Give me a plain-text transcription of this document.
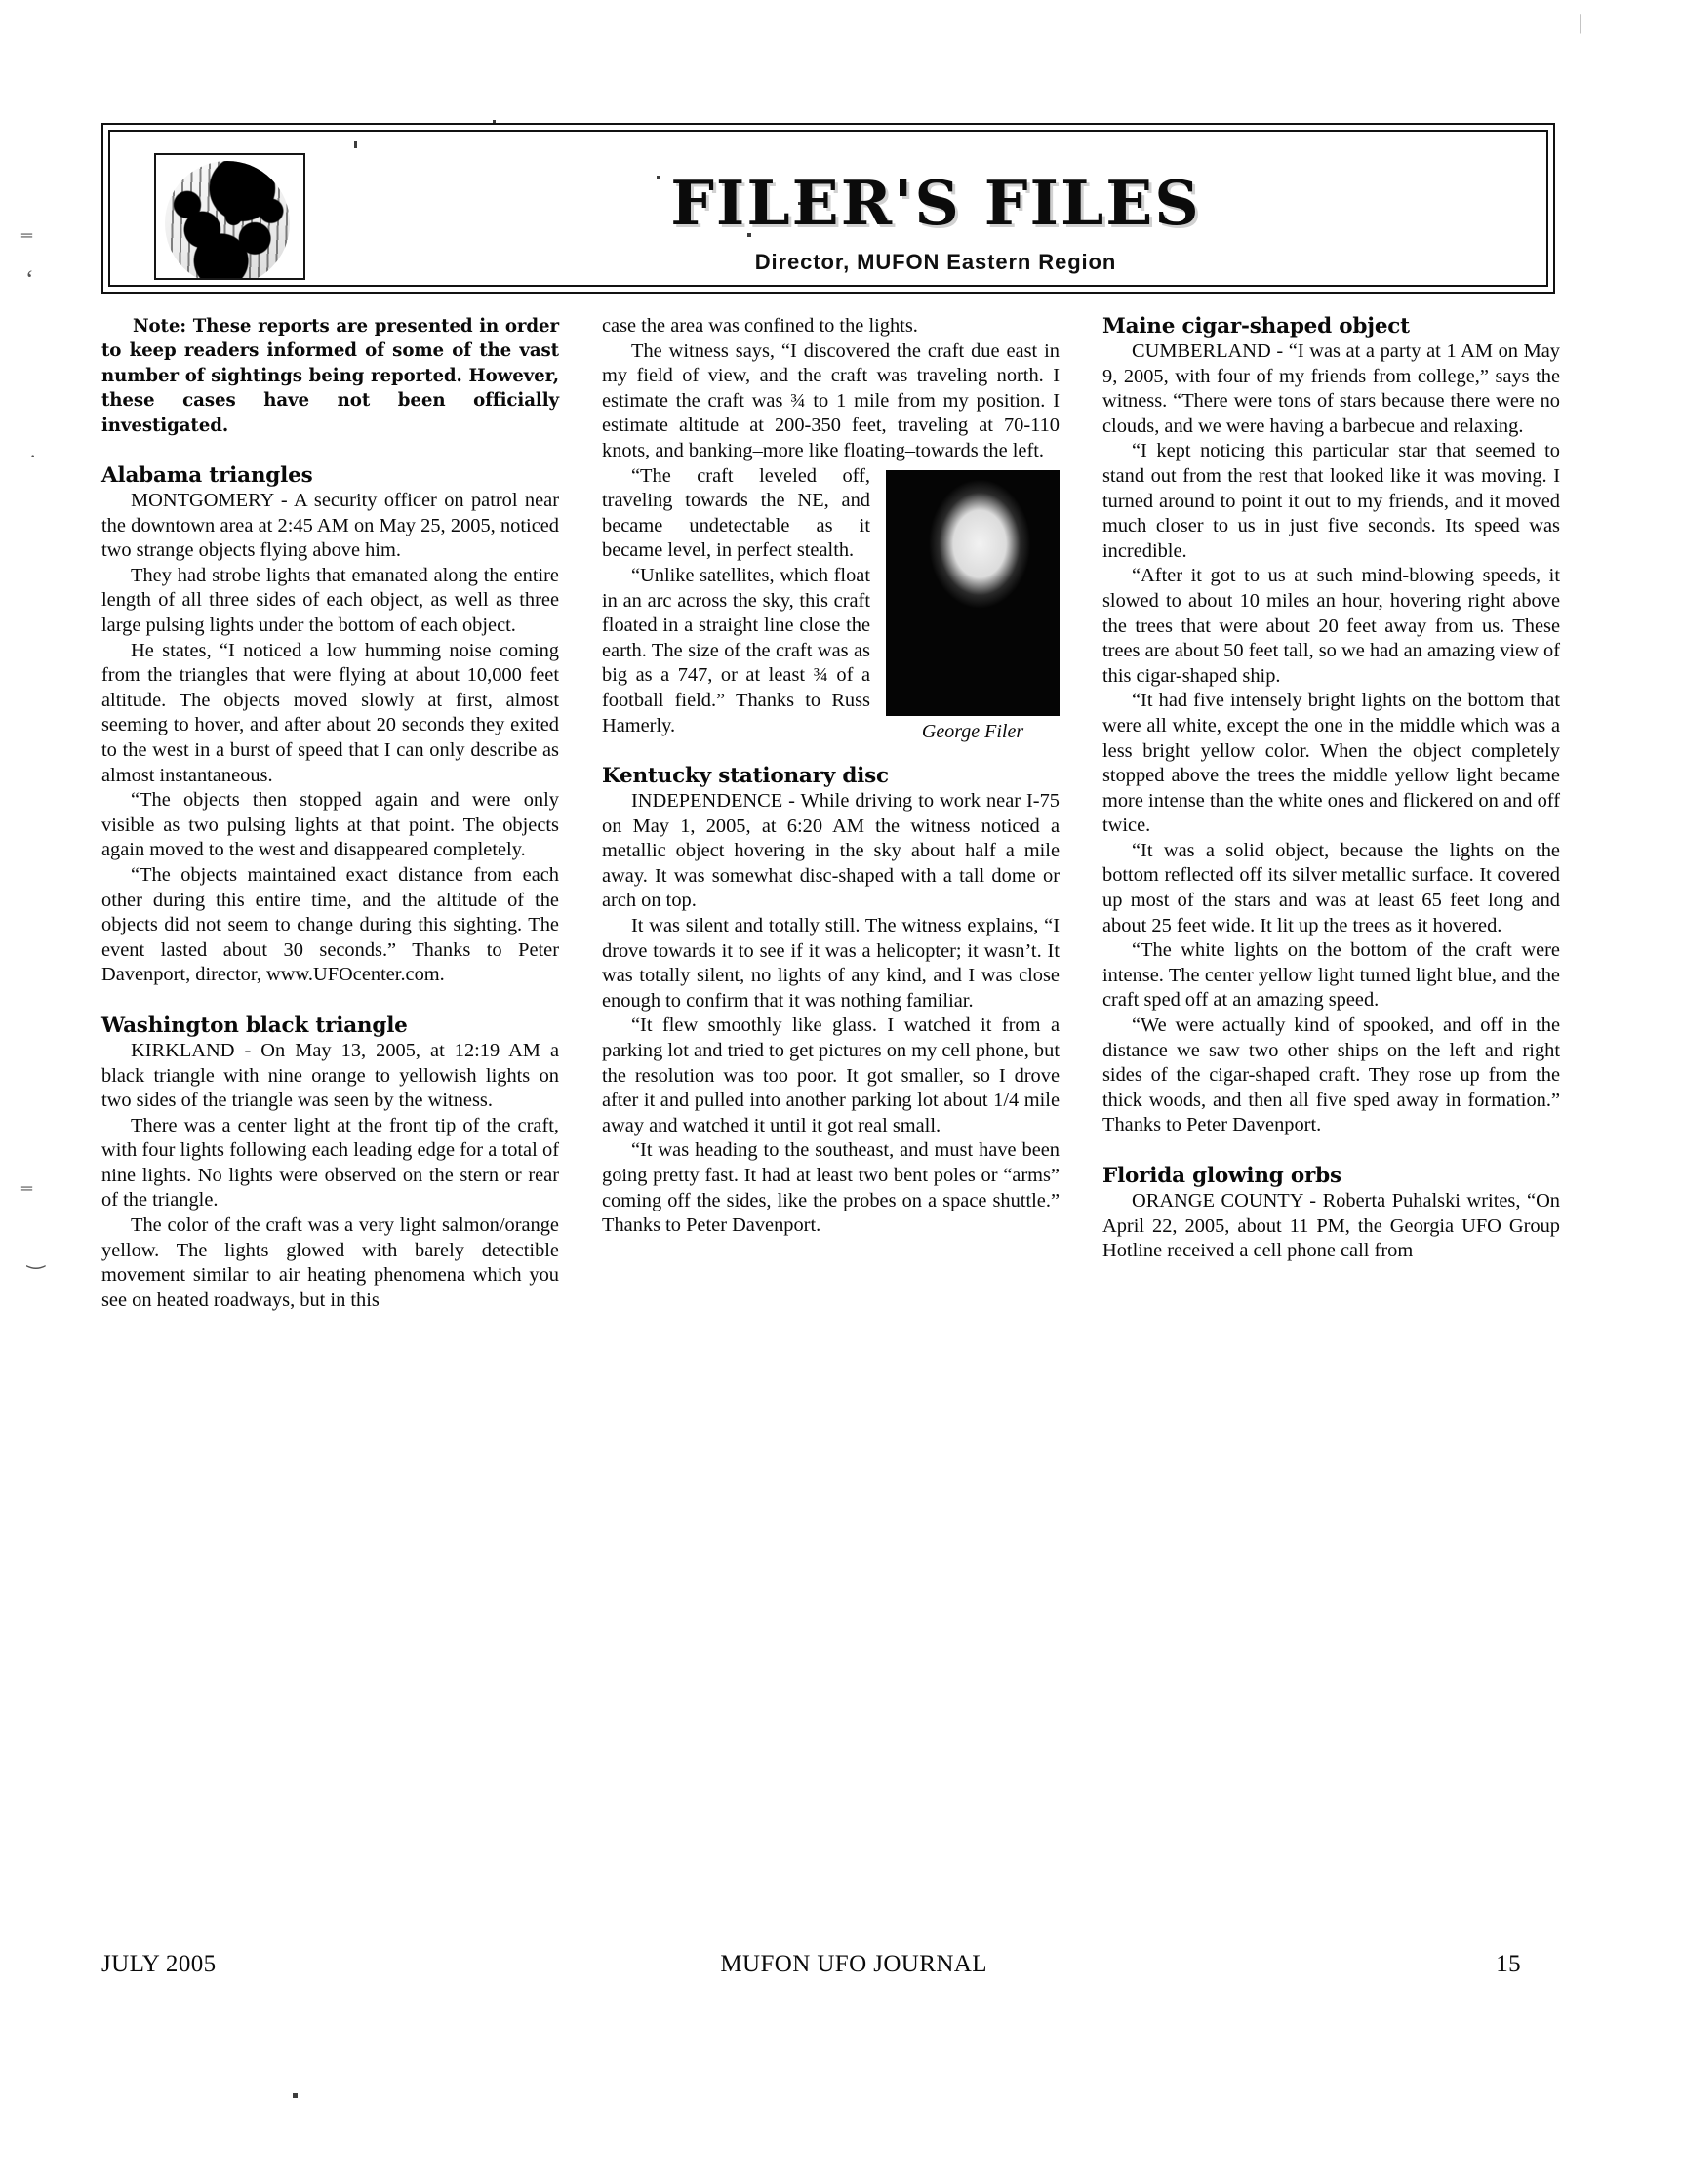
|
‗
‘
·
‗
‿
FILER'S FILES
Director, MUFON Eastern Region
Note: These reports are presented in order to keep readers informed of some of the vast number of sightings being reported. However, these cases have not been officially investigated.
Alabama triangles

MONTGOMERY - A security officer on patrol near the downtown area at 2:45 AM on May 25, 2005, noticed two strange objects flying above him.

They had strobe lights that emanated along the entire length of all three sides of each object, as well as three large pulsing lights under the bottom of each object.

He states, “I noticed a low humming noise coming from the triangles that were flying at about 10,000 feet altitude. The objects moved slowly at first, almost seeming to hover, and after about 20 seconds they exited to the west in a burst of speed that I can only describe as almost instantaneous.

“The objects then stopped again and were only visible as two pulsing lights at that point. The objects again moved to the west and disappeared completely.

“The objects maintained exact distance from each other during this entire time, and the altitude of the objects did not seem to change during this sighting. The event lasted about 30 seconds.” Thanks to Peter Davenport, director, www.UFOcenter.com.

Washington black triangle

KIRKLAND - On May 13, 2005, at 12:19 AM a black triangle with nine orange to yellowish lights on two sides of the triangle was seen by the witness.

There was a center light at the front tip of the craft, with four lights following each leading edge for a total of nine lights. No lights were observed on the stern or rear of the triangle.

The color of the craft was a very light salmon/orange yellow. The lights glowed with barely detectible movement similar to air heating phenomena which you see on heated roadways, but in this

case the area was confined to the lights.

The witness says, “I discovered the craft due east in my field of view, and the craft was traveling north. I estimate the craft was ¾ to 1 mile from my position. I estimate altitude at 200-350 feet, traveling at 70-110 knots, and banking–more like floating–towards the left.

George Filer

“The craft leveled off, traveling towards the NE, and became undetectable as it became level, in perfect stealth.

“Unlike satellites, which float in an arc across the sky, this craft floated in a straight line close the earth. The size of the craft was as big as a 747, or at least ¾ of a football field.” Thanks to Russ Hamerly.

Kentucky stationary disc

INDEPENDENCE - While driving to work near I-75 on May 1, 2005, at 6:20 AM the witness noticed a metallic object hovering in the sky about half a mile away. It was somewhat disc-shaped with a tall dome or arch on top.

It was silent and totally still. The witness explains, “I drove towards it to see if it was a helicopter; it wasn’t. It was totally silent, no lights of any kind, and I was close enough to confirm that it was nothing familiar.

“It flew smoothly like glass. I watched it from a parking lot and tried to get pictures on my cell phone, but the resolution was too poor. It got smaller, so I drove after it and pulled into another parking lot about 1/4 mile away and watched it until it got real small.

“It was heading to the southeast, and must have been going pretty fast. It had at least two bent poles or “arms” coming off the sides, like the probes on a space shuttle.” Thanks to Peter Davenport.

Maine cigar-shaped object

CUMBERLAND - “I was at a party at 1 AM on May 9, 2005, with four of my friends from college,” says the witness. “There were tons of stars because there were no clouds, and we were having a barbecue and relaxing.

“I kept noticing this particular star that seemed to stand out from the rest that looked like it was moving. I turned around to point it out to my friends, and it moved much closer to us in just five seconds. Its speed was incredible.

“After it got to us at such mind-blowing speeds, it slowed to about 10 miles an hour, hovering right above the trees that were about 20 feet away from us. These trees are about 50 feet tall, so we had an amazing view of this cigar-shaped ship.

“It had five intensely bright lights on the bottom that were all white, except the one in the middle which was a less bright yellow color. When the object completely stopped above the trees the middle yellow light became more intense than the white ones and flickered on and off twice.

“It was a solid object, because the lights on the bottom reflected off its silver metallic surface. It covered up most of the stars and was at least 65 feet long and about 25 feet wide. It lit up the trees as it hovered.

“The white lights on the bottom of the craft were intense. The center yellow light turned light blue, and the craft sped off at an amazing speed.

“We were actually kind of spooked, and off in the distance we saw two other ships on the left and right sides of the cigar-shaped craft. They rose up from the thick woods, and then all five sped away in formation.” Thanks to Peter Davenport.

Florida glowing orbs

ORANGE COUNTY - Roberta Puhalski writes, “On April 22, 2005, about 11 PM, the Georgia UFO Group Hotline received a cell phone call from

JULY 2005	MUFON UFO JOURNAL	15
